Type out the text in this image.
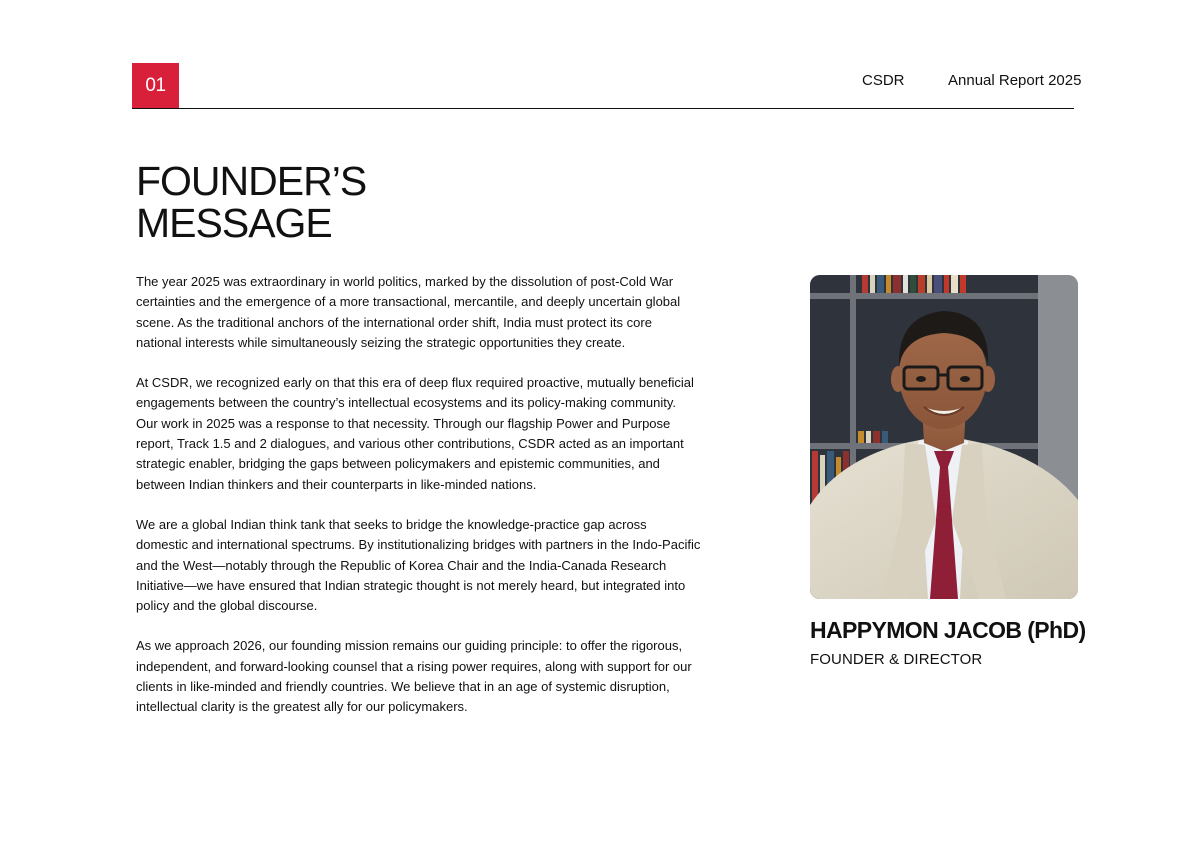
01	CSDR	Annual Report 2025
FOUNDER’S
MESSAGE

The year 2025 was extraordinary in world politics, marked by the dissolution of post-Cold War certainties and the emergence of a more transactional, mercantile, and deeply uncertain global scene. As the traditional anchors of the international order shift, India must protect its core national interests while simultaneously seizing the strategic opportunities they create.

At CSDR, we recognized early on that this era of deep flux required proactive, mutually beneficial engagements between the country’s intellectual ecosystems and its policy-making community. Our work in 2025 was a response to that necessity. Through our flagship Power and Purpose report, Track 1.5 and 2 dialogues, and various other contributions, CSDR acted as an important strategic enabler, bridging the gaps between policymakers and epistemic communities, and between Indian thinkers and their counterparts in like-minded nations.

We are a global Indian think tank that seeks to bridge the knowledge-practice gap across domestic and international spectrums. By institutionalizing bridges with partners in the Indo-Pacific and the West—notably through the Republic of Korea Chair and the India-Canada Research Initiative—we have ensured that Indian strategic thought is not merely heard, but integrated into policy and the global discourse.

As we approach 2026, our founding mission remains our guiding principle: to offer the rigorous, independent, and forward-looking counsel that a rising power requires, along with support for our clients in like-minded and friendly countries. We believe that in an age of systemic disruption, intellectual clarity is the greatest ally for our policymakers.

HAPPYMON JACOB (PhD)
FOUNDER & DIRECTOR
